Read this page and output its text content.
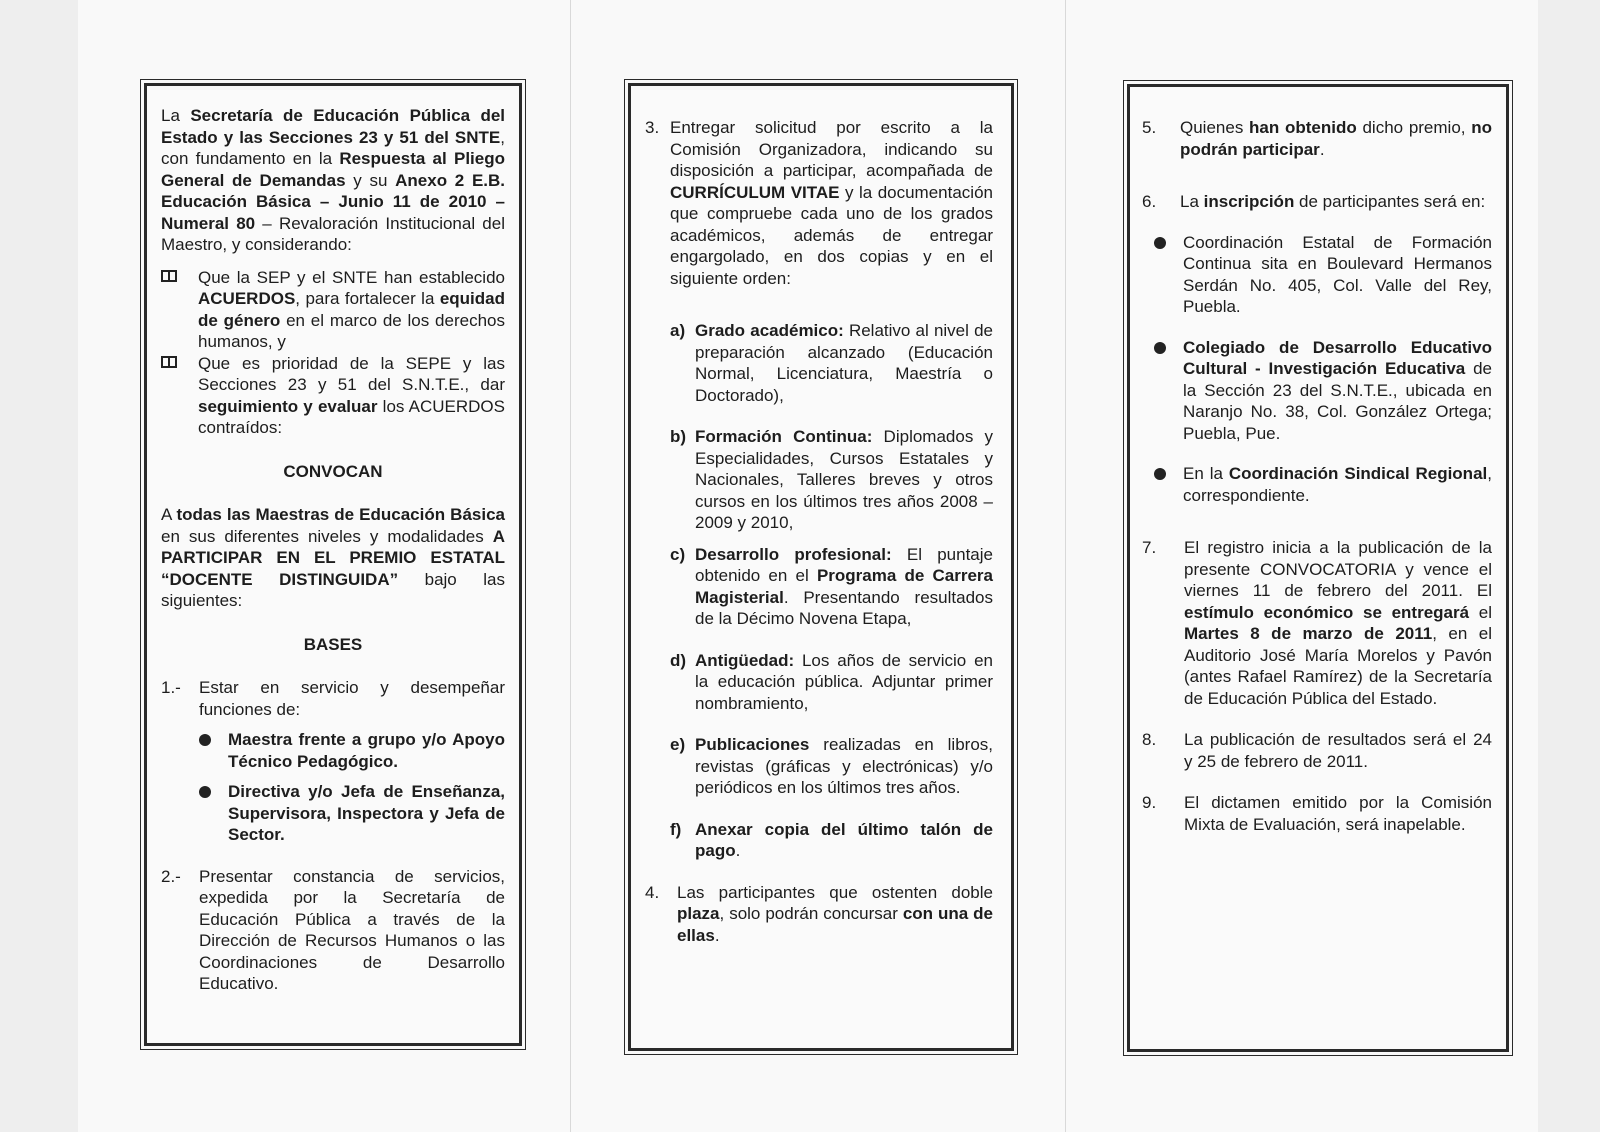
La Secretaría de Educación Pública del Estado y las Secciones 23 y 51 del SNTE, con fundamento en la Respuesta al Pliego General de Demandas y su Anexo 2 E.B. Educación Básica – Junio 11 de 2010 – Numeral 80 – Revaloración Institucional del Maestro, y considerando:

Que la SEP y el SNTE han establecido ACUERDOS, para fortalecer la equidad de género en el marco de los derechos humanos, y
Que es prioridad de la SEPE y las Secciones 23 y 51 del S.N.T.E., dar seguimiento y evaluar los ACUERDOS contraídos:
CONVOCAN

A todas las Maestras de Educación Básica en sus diferentes niveles y modalidades A PARTICIPAR EN EL PREMIO ESTATAL “DOCENTE DISTINGUIDA” bajo las siguientes:

BASES
1.- Estar en servicio y desempeñar funciones de:
Maestra frente a grupo y/o Apoyo Técnico Pedagógico.
Directiva y/o Jefa de Enseñanza, Supervisora, Inspectora y Jefa de Sector.
2.- Presentar constancia de servicios, expedida por la Secretaría de Educación Pública a través de la Dirección de Recursos Humanos o las Coordinaciones de Desarrollo Educativo.
3. Entregar solicitud por escrito a la Comisión Organizadora, indicando su disposición a participar, acompañada de CURRÍCULUM VITAE y la documentación que compruebe cada uno de los grados académicos, además de entregar engargolado, en dos copias y en el siguiente orden:
a) Grado académico: Relativo al nivel de preparación alcanzado (Educación Normal, Licenciatura, Maestría o Doctorado),
b) Formación Continua: Diplomados y Especialidades, Cursos Estatales y Nacionales, Talleres breves y otros cursos en los últimos tres años 2008 – 2009 y 2010,
c) Desarrollo profesional: El puntaje obtenido en el Programa de Carrera Magisterial. Presentando resultados de la Décimo Novena Etapa,
d) Antigüedad: Los años de servicio en la educación pública. Adjuntar primer nombramiento,
e) Publicaciones realizadas en libros, revistas (gráficas y electrónicas) y/o periódicos en los últimos tres años.
f) Anexar copia del último talón de pago.
4. Las participantes que ostenten doble plaza, solo podrán concursar con una de ellas.
5. Quienes han obtenido dicho premio, no podrán participar.
6. La inscripción de participantes será en:
Coordinación Estatal de Formación Continua sita en Boulevard Hermanos Serdán No. 405, Col. Valle del Rey, Puebla.
Colegiado de Desarrollo Educativo Cultural - Investigación Educativa de la Sección 23 del S.N.T.E., ubicada en Naranjo No. 38, Col. González Ortega; Puebla, Pue.
En la Coordinación Sindical Regional, correspondiente.
7. El registro inicia a la publicación de la presente CONVOCATORIA y vence el viernes 11 de febrero del 2011. El estímulo económico se entregará el Martes 8 de marzo de 2011, en el Auditorio José María Morelos y Pavón (antes Rafael Ramírez) de la Secretaría de Educación Pública del Estado.
8. La publicación de resultados será el 24 y 25 de febrero de 2011.
9. El dictamen emitido por la Comisión Mixta de Evaluación, será inapelable.
